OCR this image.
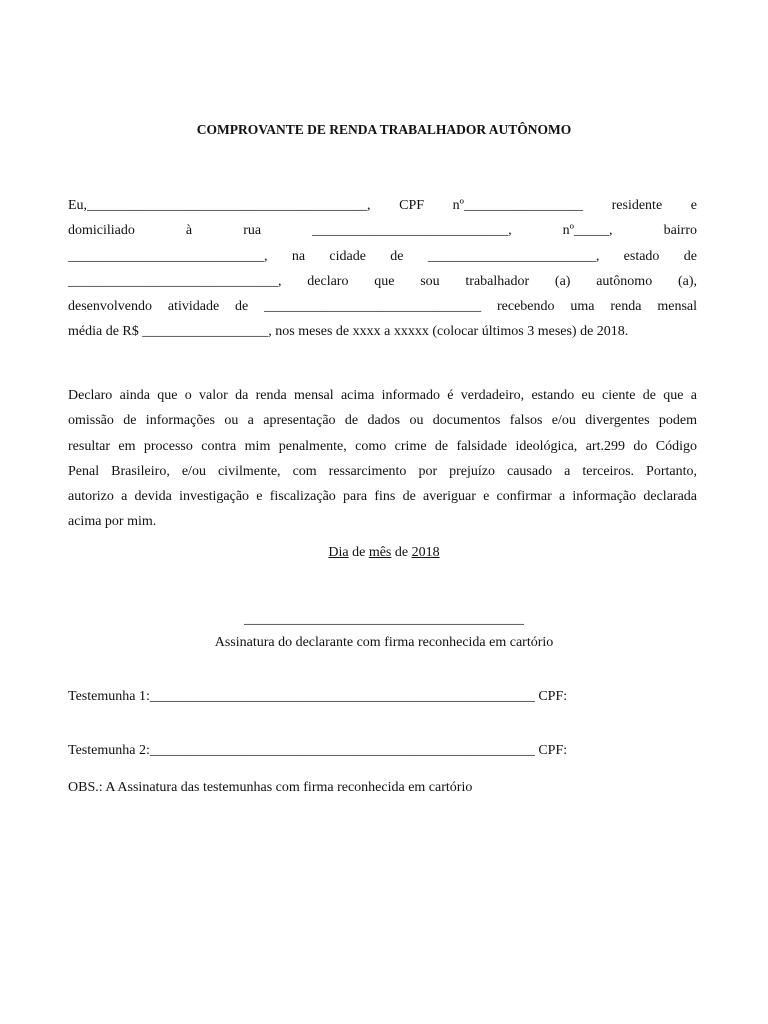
COMPROVANTE DE RENDA TRABALHADOR AUTÔNOMO
Eu,________________________________________, CPF nº_________________ residente e
domiciliado à rua ____________________________, nº_____, bairro
____________________________, na cidade de ________________________, estado de
______________________________, declaro que sou trabalhador (a) autônomo (a),
desenvolvendo atividade de _______________________________ recebendo uma renda mensal
média de R$ __________________, nos meses de xxxx a xxxxx (colocar últimos 3 meses) de 2018.
Declaro ainda que o valor da renda mensal acima informado é verdadeiro, estando eu ciente de que a
omissão de informações ou a apresentação de dados ou documentos falsos e/ou divergentes podem
resultar em processo contra mim penalmente, como crime de falsidade ideológica, art.299 do Código
Penal Brasileiro, e/ou civilmente, com ressarcimento por prejuízo causado a terceiros. Portanto,
autorizo a devida investigação e fiscalização para fins de averiguar e confirmar a informação declarada
acima por mim.
Dia de mês de 2018
________________________________________
Assinatura do declarante com firma reconhecida em cartório
Testemunha 1:_______________________________________________________ CPF:
Testemunha 2:_______________________________________________________ CPF:
OBS.: A Assinatura das testemunhas com firma reconhecida em cartório
